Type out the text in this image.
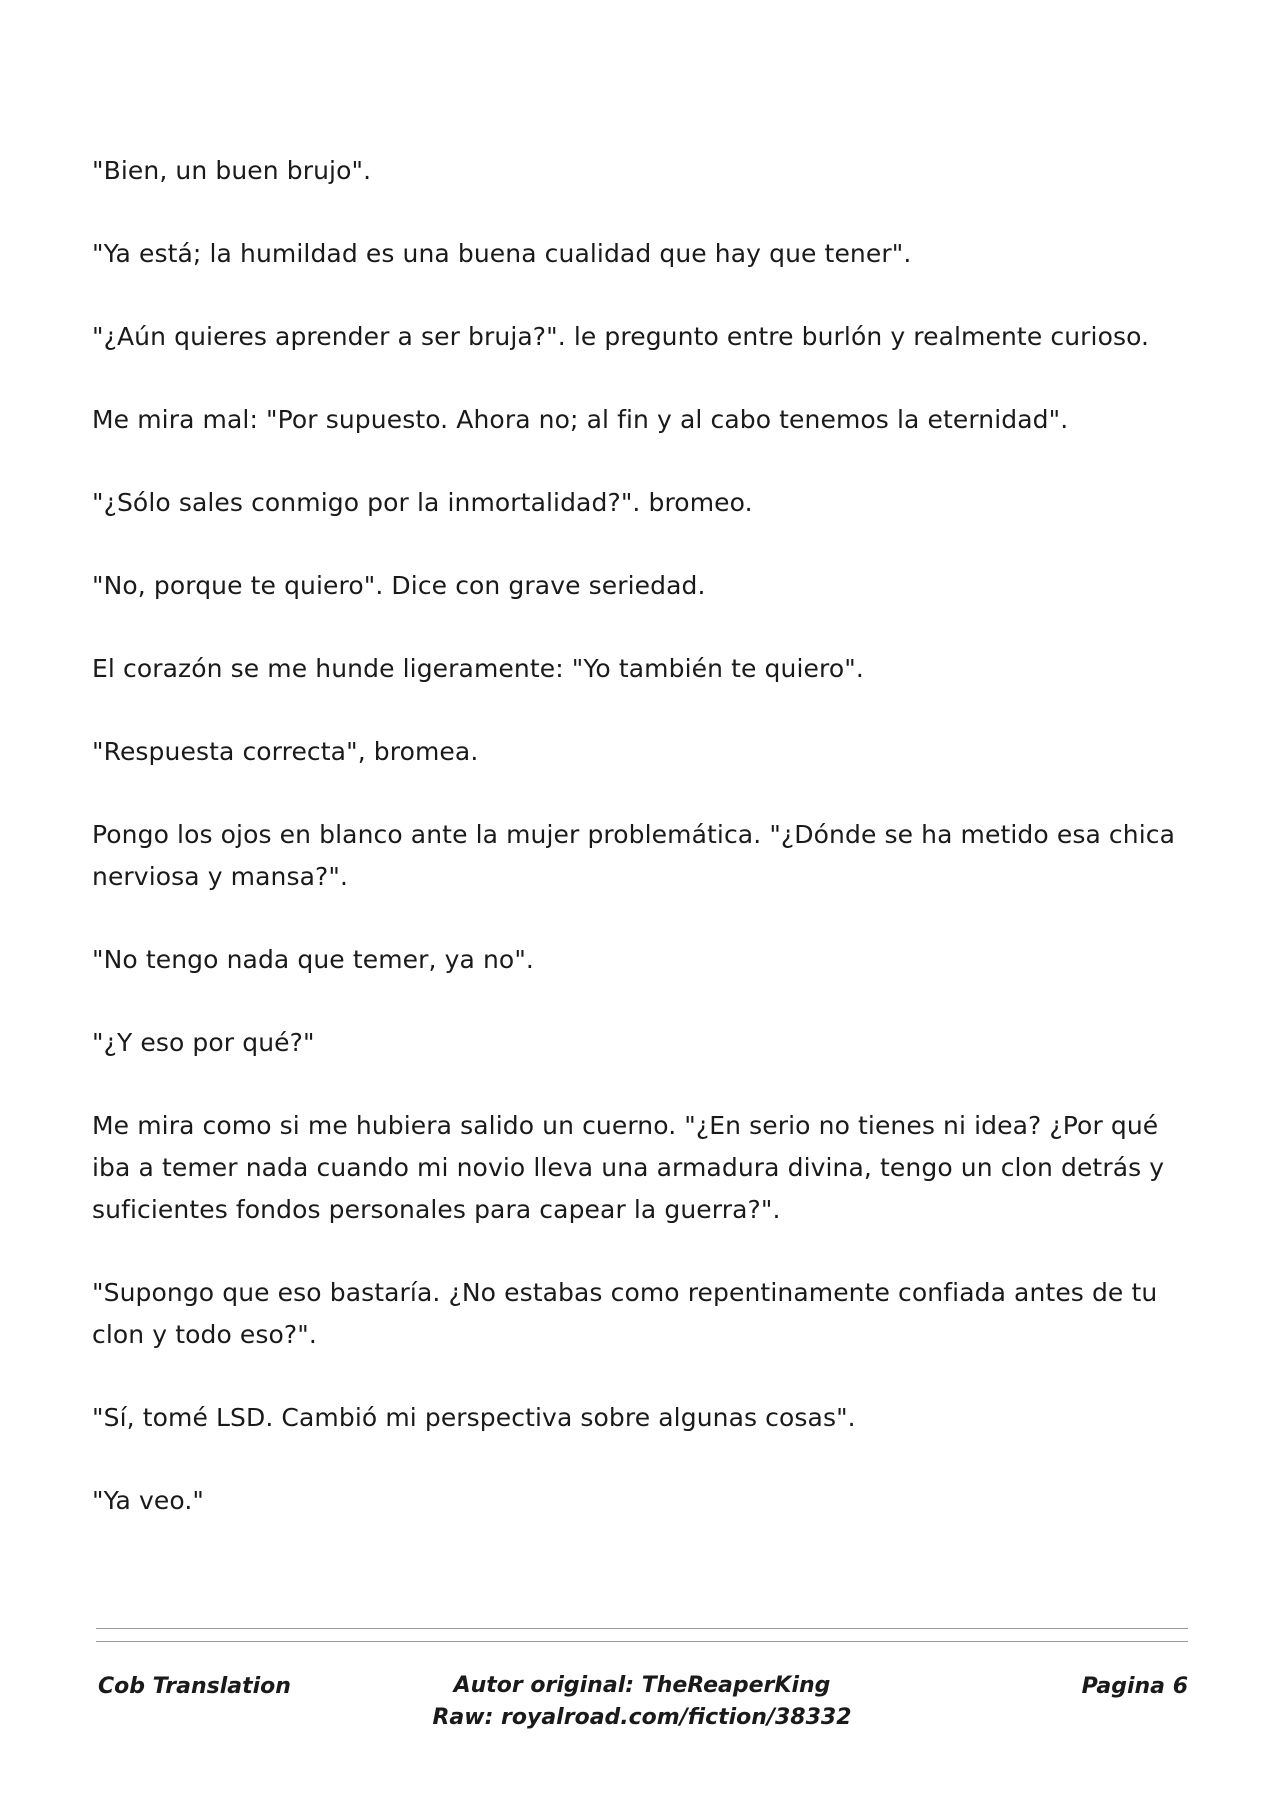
"Bien, un buen brujo".

"Ya está; la humildad es una buena cualidad que hay que tener".

"¿Aún quieres aprender a ser bruja?". le pregunto entre burlón y realmente curioso.

Me mira mal: "Por supuesto. Ahora no; al fin y al cabo tenemos la eternidad".

"¿Sólo sales conmigo por la inmortalidad?". bromeo.

"No, porque te quiero". Dice con grave seriedad.

El corazón se me hunde ligeramente: "Yo también te quiero".

"Respuesta correcta", bromea.

Pongo los ojos en blanco ante la mujer problemática. "¿Dónde se ha metido esa chica nerviosa y mansa?".

"No tengo nada que temer, ya no".

"¿Y eso por qué?"

Me mira como si me hubiera salido un cuerno. "¿En serio no tienes ni idea? ¿Por qué iba a temer nada cuando mi novio lleva una armadura divina, tengo un clon detrás y suficientes fondos personales para capear la guerra?".

"Supongo que eso bastaría. ¿No estabas como repentinamente confiada antes de tu clon y todo eso?".

"Sí, tomé LSD. Cambió mi perspectiva sobre algunas cosas".

"Ya veo."

Cob Translation	Autor original: TheReaperKing
Raw: royalroad.com/fiction/38332
Pagina 6
